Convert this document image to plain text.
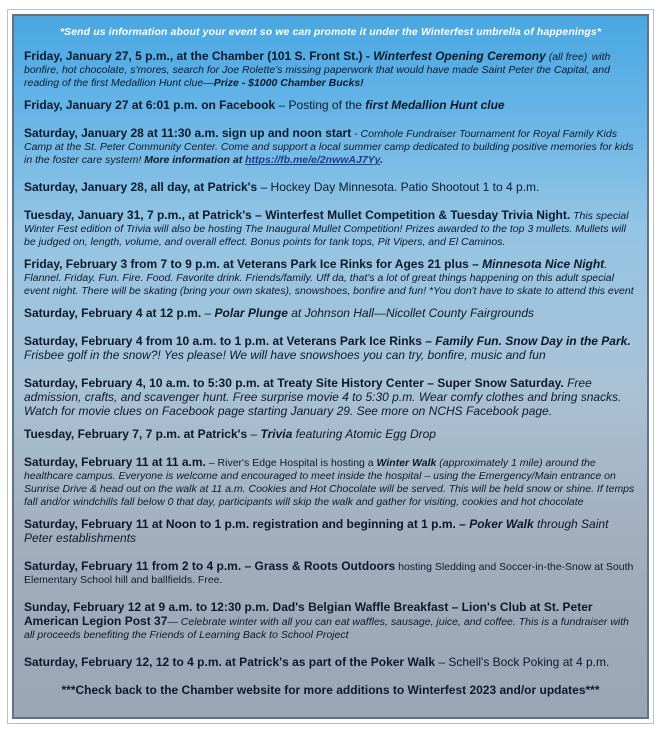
*Send us information about your event so we can promote it under the Winterfest umbrella of happenings*
Friday, January 27, 5 p.m., at the Chamber (101 S. Front St.) - Winterfest Opening Ceremony (all free) with bonfire, hot chocolate, s'mores, search for Joe Rolette's missing paperwork that would have made Saint Peter the Capital, and reading of the first Medallion Hunt clue—Prize - $1000 Chamber Bucks!
Friday, January 27 at 6:01 p.m. on Facebook – Posting of the first Medallion Hunt clue
Saturday, January 28 at 11:30 a.m. sign up and noon start - Cornhole Fundraiser Tournament for Royal Family Kids Camp at the St. Peter Community Center. Come and support a local summer camp dedicated to building positive memories for kids in the foster care system! More information at https://fb.me/e/2nwwAJ7Yy.
Saturday, January 28, all day, at Patrick's – Hockey Day Minnesota. Patio Shootout 1 to 4 p.m.
Tuesday, January 31, 7 p.m., at Patrick's – Winterfest Mullet Competition & Tuesday Trivia Night. This special Winter Fest edition of Trivia will also be hosting The Inaugural Mullet Competition! Prizes awarded to the top 3 mullets. Mullets will be judged on, length, volume, and overall effect. Bonus points for tank tops, Pit Vipers, and El Caminos.
Friday, February 3 from 7 to 9 p.m. at Veterans Park Ice Rinks for Ages 21 plus – Minnesota Nice Night. Flannel. Friday. Fun. Fire. Food. Favorite drink. Friends/family. Uff da, that's a lot of great things happening on this adult special event night. There will be skating (bring your own skates), snowshoes, bonfire and fun! *You don't have to skate to attend this event
Saturday, February 4 at 12 p.m. – Polar Plunge at Johnson Hall—Nicollet County Fairgrounds
Saturday, February 4 from 10 a.m. to 1 p.m. at Veterans Park Ice Rinks – Family Fun. Snow Day in the Park. Frisbee golf in the snow?! Yes please! We will have snowshoes you can try, bonfire, music and fun
Saturday, February 4, 10 a.m. to 5:30 p.m. at Treaty Site History Center – Super Snow Saturday. Free admission, crafts, and scavenger hunt. Free surprise movie 4 to 5:30 p.m. Wear comfy clothes and bring snacks. Watch for movie clues on Facebook page starting January 29. See more on NCHS Facebook page.
Tuesday, February 7, 7 p.m. at Patrick's – Trivia featuring Atomic Egg Drop
Saturday, February 11 at 11 a.m. – River's Edge Hospital is hosting a Winter Walk (approximately 1 mile) around the healthcare campus. Everyone is welcome and encouraged to meet inside the hospital – using the Emergency/Main entrance on Sunrise Drive & head out on the walk at 11 a.m. Cookies and Hot Chocolate will be served. This will be held snow or shine. If temps fall and/or windchills fall below 0 that day, participants will skip the walk and gather for visiting, cookies and hot chocolate
Saturday, February 11 at Noon to 1 p.m. registration and beginning at 1 p.m. – Poker Walk through Saint Peter establishments
Saturday, February 11 from 2 to 4 p.m. – Grass & Roots Outdoors hosting Sledding and Soccer-in-the-Snow at South Elementary School hill and ballfields. Free.
Sunday, February 12 at 9 a.m. to 12:30 p.m. Dad's Belgian Waffle Breakfast – Lion's Club at St. Peter American Legion Post 37— Celebrate winter with all you can eat waffles, sausage, juice, and coffee. This is a fundraiser with all proceeds benefiting the Friends of Learning Back to School Project
Saturday, February 12, 12 to 4 p.m. at Patrick's as part of the Poker Walk – Schell's Bock Poking at 4 p.m.
***Check back to the Chamber website for more additions to Winterfest 2023 and/or updates***
